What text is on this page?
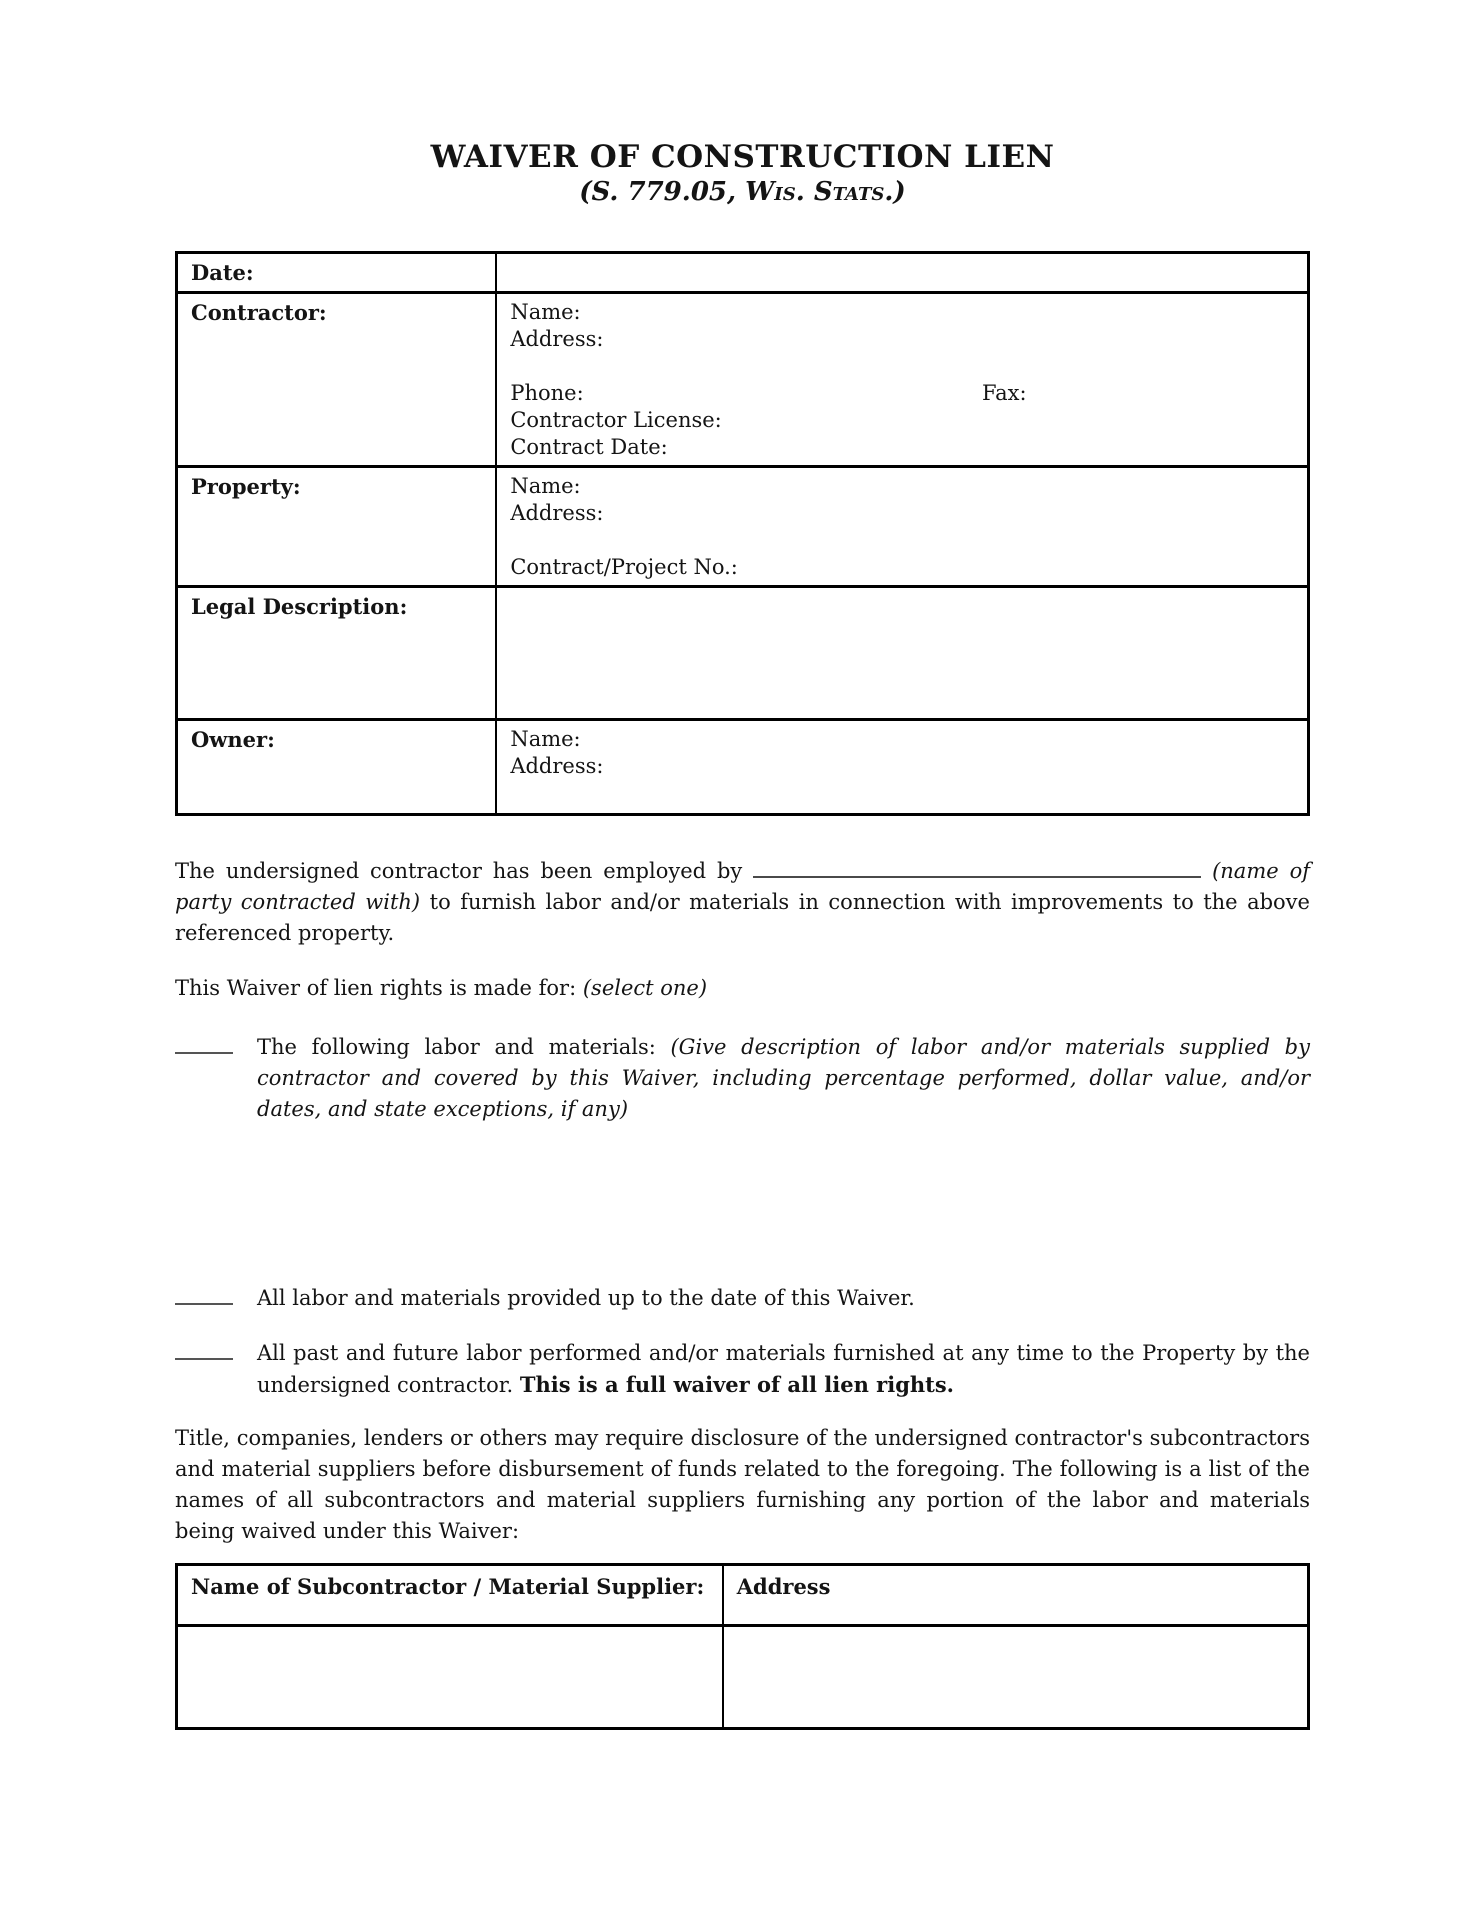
WAIVER OF CONSTRUCTION LIEN
(S. 779.05, Wis. Stats.)
Date:	
Contractor:	Name:
Address:
Phone: Fax:
Contractor License:
Contract Date:

Property:	Name:
Address:
Contract/Project No.:

Legal Description:	
Owner:	Name:
Address:

The undersigned contractor has been employed by	(name of party contracted with) to furnish labor and/or materials in connection with improvements to the above referenced property.

This Waiver of lien rights is made for: (select one)

The following labor and materials: (Give description of labor and/or materials supplied by contractor and covered by this Waiver, including percentage performed, dollar value, and/or dates, and state exceptions, if any)
All labor and materials provided up to the date of this Waiver.
All past and future labor performed and/or materials furnished at any time to the Property by the undersigned contractor. This is a full waiver of all lien rights.

Title, companies, lenders or others may require disclosure of the undersigned contractor's subcontractors and material suppliers before disbursement of funds related to the foregoing. The following is a list of the names of all subcontractors and material suppliers furnishing any portion of the labor and materials being waived under this Waiver:

Name of Subcontractor / Material Supplier:	Address
